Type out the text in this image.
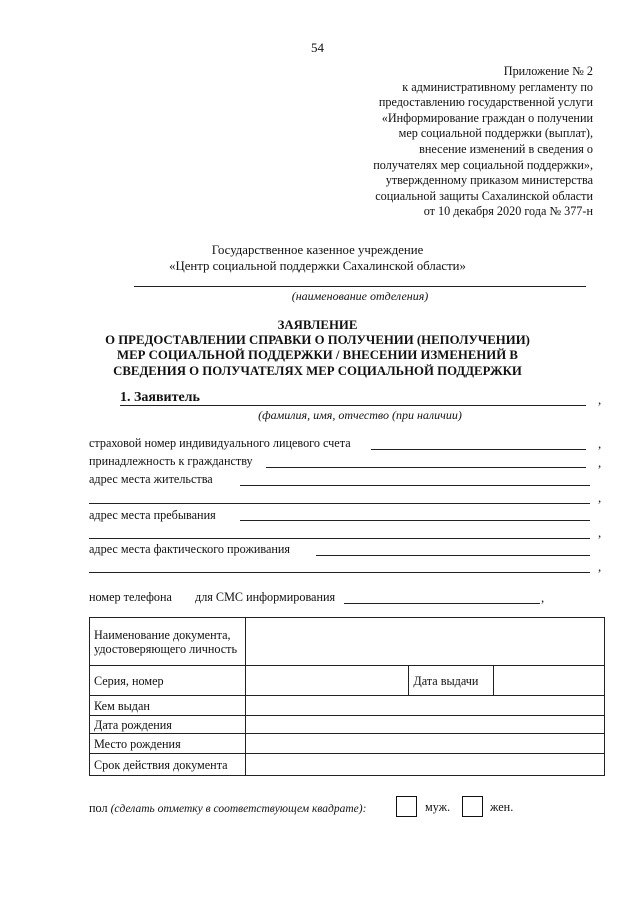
54
Приложение № 2
к административному регламенту по
предоставлению государственной услуги
«Информирование граждан о получении
мер социальной поддержки (выплат),
внесение изменений в сведения о
получателях мер социальной поддержки»,
утвержденному приказом министерства
социальной защиты Сахалинской области
от 10 декабря 2020 года № 377-н
Государственное казенное учреждение
«Центр социальной поддержки Сахалинской области»
(наименование отделения)
ЗАЯВЛЕНИЕ
О ПРЕДОСТАВЛЕНИИ СПРАВКИ О ПОЛУЧЕНИИ (НЕПОЛУЧЕНИИ)
МЕР СОЦИАЛЬНОЙ ПОДДЕРЖКИ / ВНЕСЕНИИ ИЗМЕНЕНИЙ В
СВЕДЕНИЯ О ПОЛУЧАТЕЛЯХ МЕР СОЦИАЛЬНОЙ ПОДДЕРЖКИ
1. Заявитель	,
(фамилия, имя, отчество (при наличии)
страховой номер индивидуального лицевого счета	,
принадлежность к гражданству	,
адрес места жительства
,
адрес места пребывания
,
адрес места фактического проживания
,
номер телефона для СМС информирования	,
Наименование документа, удостоверяющего личность			
Серия, номер		Дата выдачи	
Кем выдан			
Дата рождения			
Место рождения			
Срок действия документа			
пол (сделать отметку в соответствующем квадрате):	муж.	жен.
